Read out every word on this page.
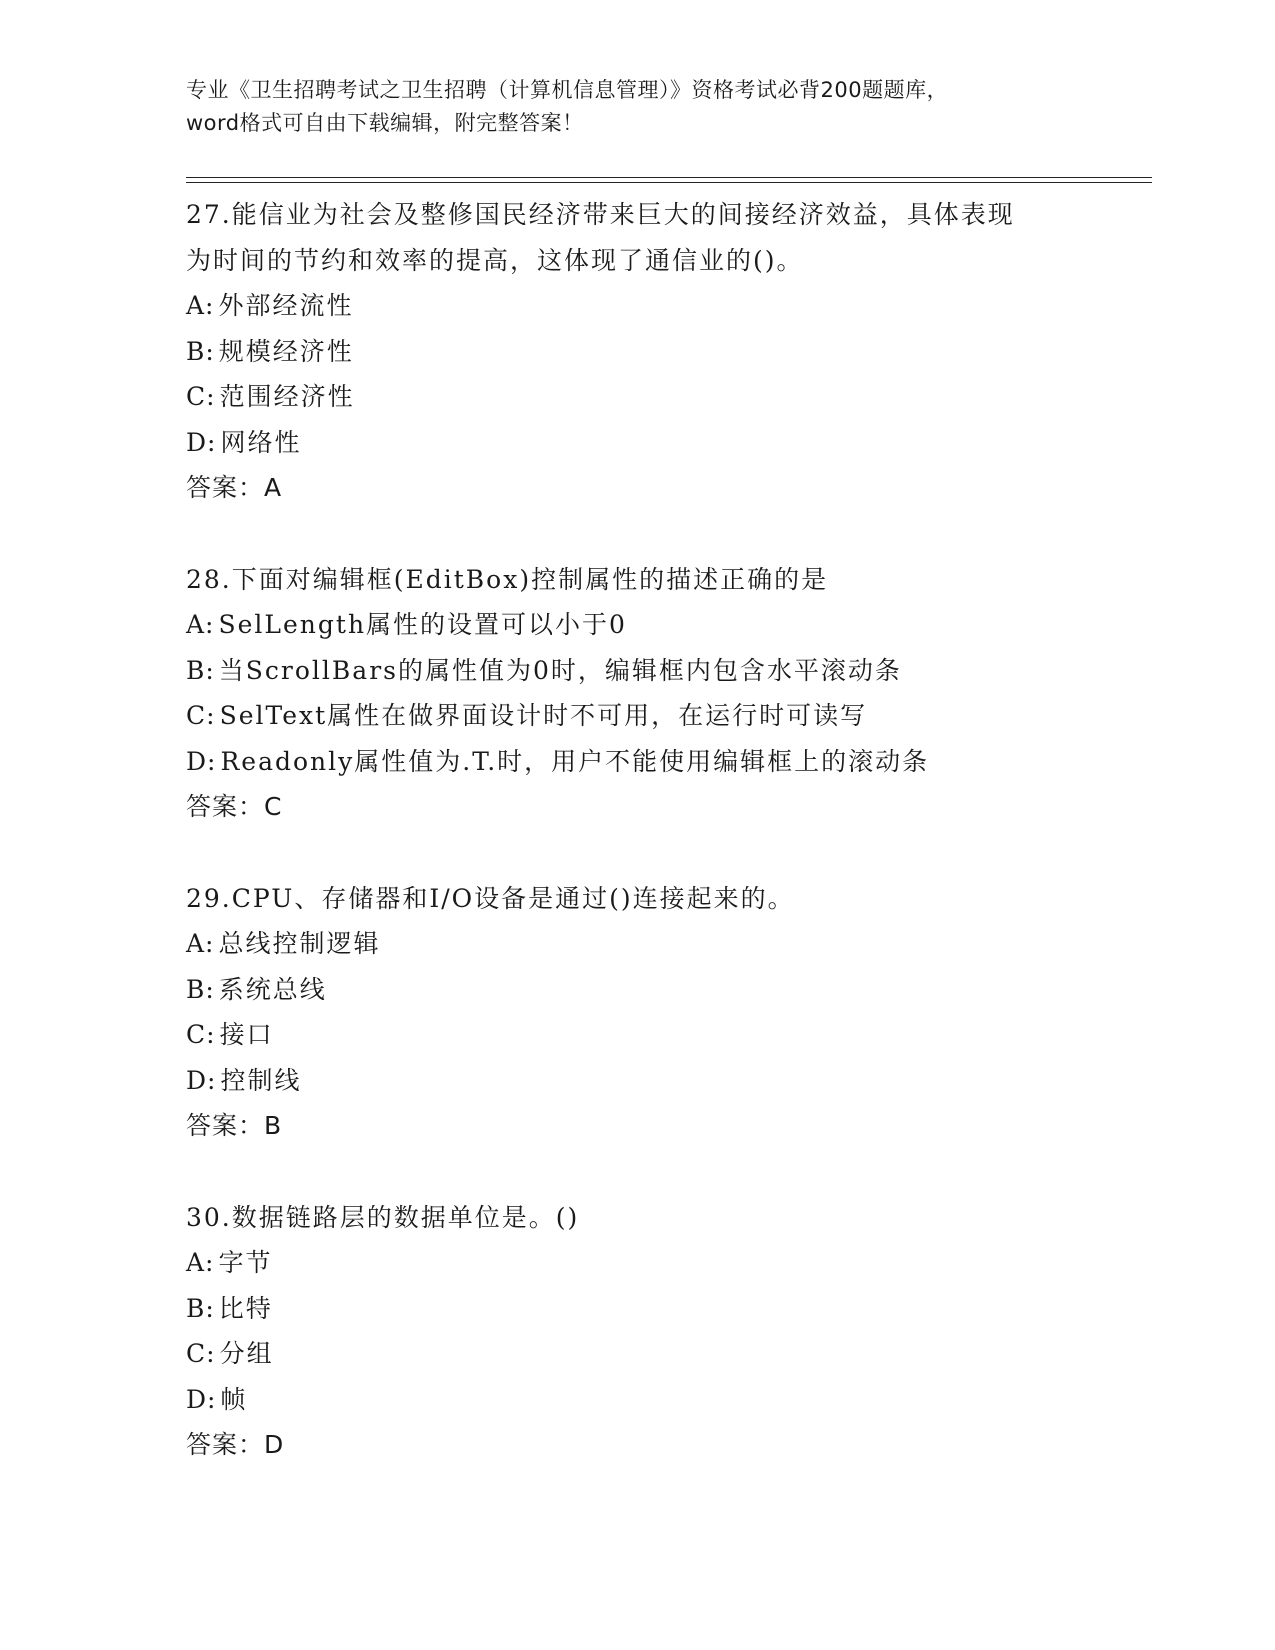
专业《卫生招聘考试之卫生招聘（计算机信息管理）》资格考试必背200题题库，
word格式可自由下载编辑，附完整答案！
27.能信业为社会及整修国民经济带来巨大的间接经济效益，具体表现
为时间的节约和效率的提高，这体现了通信业的()。
A: 外部经流性
B: 规模经济性
C: 范围经济性
D: 网络性
答案：A
28.下面对编辑框(EditBox)控制属性的描述正确的是
A: SelLength属性的设置可以小于0
B: 当ScrollBars的属性值为0时，编辑框内包含水平滚动条
C: SelText属性在做界面设计时不可用，在运行时可读写
D: Readonly属性值为.T.时，用户不能使用编辑框上的滚动条
答案：C
29.CPU、存储器和I/O设备是通过()连接起来的。
A: 总线控制逻辑
B: 系统总线
C: 接口
D: 控制线
答案：B
30.数据链路层的数据单位是。()
A: 字节
B: 比特
C: 分组
D: 帧
答案：D
